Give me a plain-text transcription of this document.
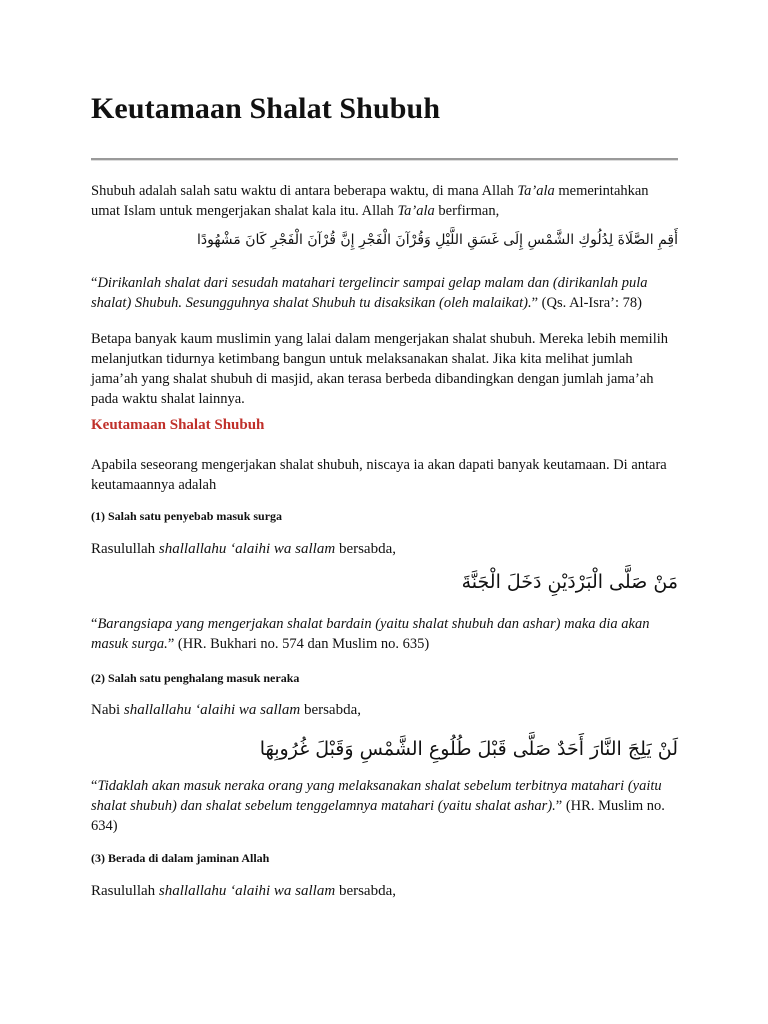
Keutamaan Shalat Shubuh

Shubuh adalah salah satu waktu di antara beberapa waktu, di mana Allah Ta’ala memerintahkan umat Islam untuk mengerjakan shalat kala itu. Allah Ta’ala berfirman,

أَقِمِ الصَّلَاةَ لِدُلُوكِ الشَّمْسِ إِلَى غَسَقِ اللَّيْلِ وَقُرْآنَ الْفَجْرِ إِنَّ قُرْآنَ الْفَجْرِ كَانَ مَشْهُودًا

“Dirikanlah shalat dari sesudah matahari tergelincir sampai gelap malam dan (dirikanlah pula shalat) Shubuh. Sesungguhnya shalat Shubuh tu disaksikan (oleh malaikat).” (Qs. Al-Isra’: 78)

Betapa banyak kaum muslimin yang lalai dalam mengerjakan shalat shubuh. Mereka lebih memilih melanjutkan tidurnya ketimbang bangun untuk melaksanakan shalat. Jika kita melihat jumlah jama’ah yang shalat shubuh di masjid, akan terasa berbeda dibandingkan dengan jumlah jama’ah pada waktu shalat lainnya.

Keutamaan Shalat Shubuh

Apabila seseorang mengerjakan shalat shubuh, niscaya ia akan dapati banyak keutamaan. Di antara keutamaannya adalah

(1) Salah satu penyebab masuk surga

Rasulullah shallallahu ‘alaihi wa sallam bersabda,

مَنْ صَلَّى الْبَرْدَيْنِ دَخَلَ الْجَنَّةَ

“Barangsiapa yang mengerjakan shalat bardain (yaitu shalat shubuh dan ashar) maka dia akan masuk surga.” (HR. Bukhari no. 574 dan Muslim no. 635)

(2) Salah satu penghalang masuk neraka

Nabi shallallahu ‘alaihi wa sallam bersabda,

لَنْ يَلِجَ النَّارَ أَحَدٌ صَلَّى قَبْلَ طُلُوعِ الشَّمْسِ وَقَبْلَ غُرُوبِهَا

“Tidaklah akan masuk neraka orang yang melaksanakan shalat sebelum terbitnya matahari (yaitu shalat shubuh) dan shalat sebelum tenggelamnya matahari (yaitu shalat ashar).” (HR. Muslim no. 634)

(3) Berada di dalam jaminan Allah

Rasulullah shallallahu ‘alaihi wa sallam bersabda,
